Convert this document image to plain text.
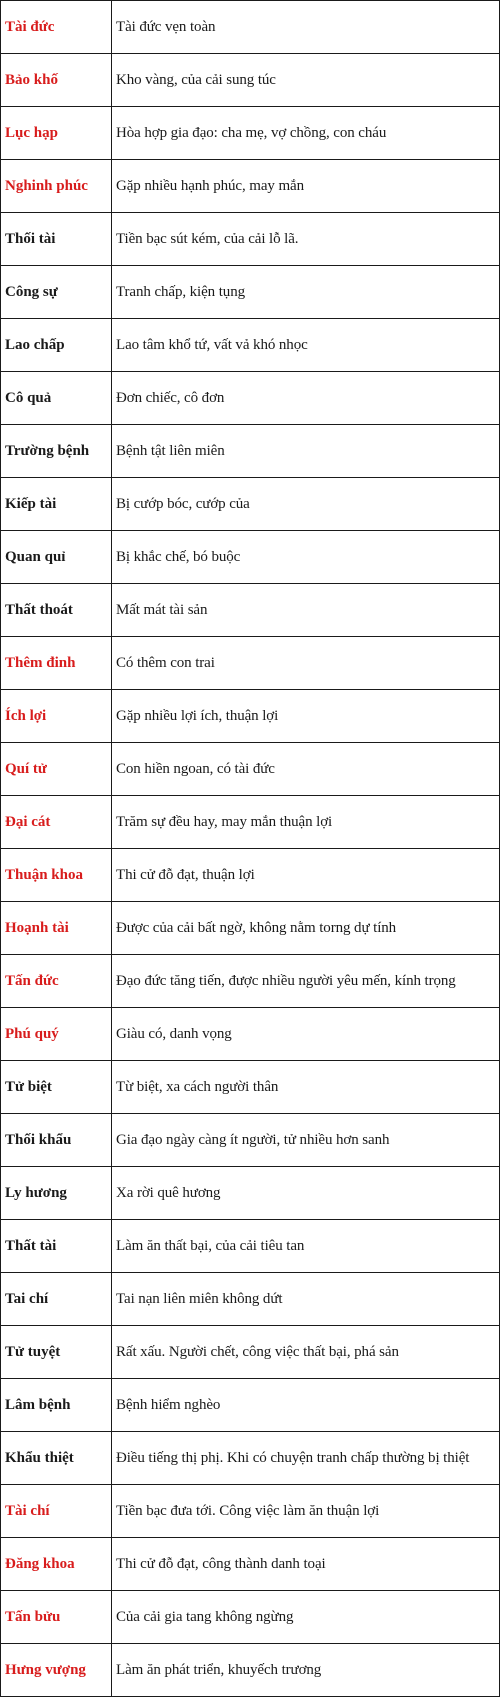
Tài đức	Tài đức vẹn toàn
Bảo khố	Kho vàng, của cải sung túc
Lục hạp	Hòa hợp gia đạo: cha mẹ, vợ chồng, con cháu
Nghinh phúc	Gặp nhiều hạnh phúc, may mắn
Thối tài	Tiền bạc sút kém, của cải lỗ lã.
Công sự	Tranh chấp, kiện tụng
Lao chấp	Lao tâm khổ tứ, vất vả khó nhọc
Cô quả	Đơn chiếc, cô đơn
Trường bệnh	Bệnh tật liên miên
Kiếp tài	Bị cướp bóc, cướp của
Quan quỉ	Bị khắc chế, bó buộc
Thất thoát	Mất mát tài sản
Thêm đinh	Có thêm con trai
Ích lợi	Gặp nhiều lợi ích, thuận lợi
Quí tử	Con hiền ngoan, có tài đức
Đại cát	Trăm sự đều hay, may mắn thuận lợi
Thuận khoa	Thi cử đỗ đạt, thuận lợi
Hoạnh tài	Được của cải bất ngờ, không nằm torng dự tính
Tấn đức	Đạo đức tăng tiến, được nhiều người yêu mến, kính trọng
Phú quý	Giàu có, danh vọng
Tử biệt	Từ biệt, xa cách người thân
Thối khẩu	Gia đạo ngày càng ít người, tử nhiều hơn sanh
Ly hương	Xa rời quê hương
Thất tài	Làm ăn thất bại, của cải tiêu tan
Tai chí	Tai nạn liên miên không dứt
Tử tuyệt	Rất xấu. Người chết, công việc thất bại, phá sản
Lâm bệnh	Bệnh hiểm nghèo
Khẩu thiệt	Điều tiếng thị phị. Khi có chuyện tranh chấp thường bị thiệt
Tài chí	Tiền bạc đưa tới. Công việc làm ăn thuận lợi
Đăng khoa	Thi cử đỗ đạt, công thành danh toại
Tấn bửu	Của cải gia tang không ngừng
Hưng vượng	Làm ăn phát triển, khuyếch trương
